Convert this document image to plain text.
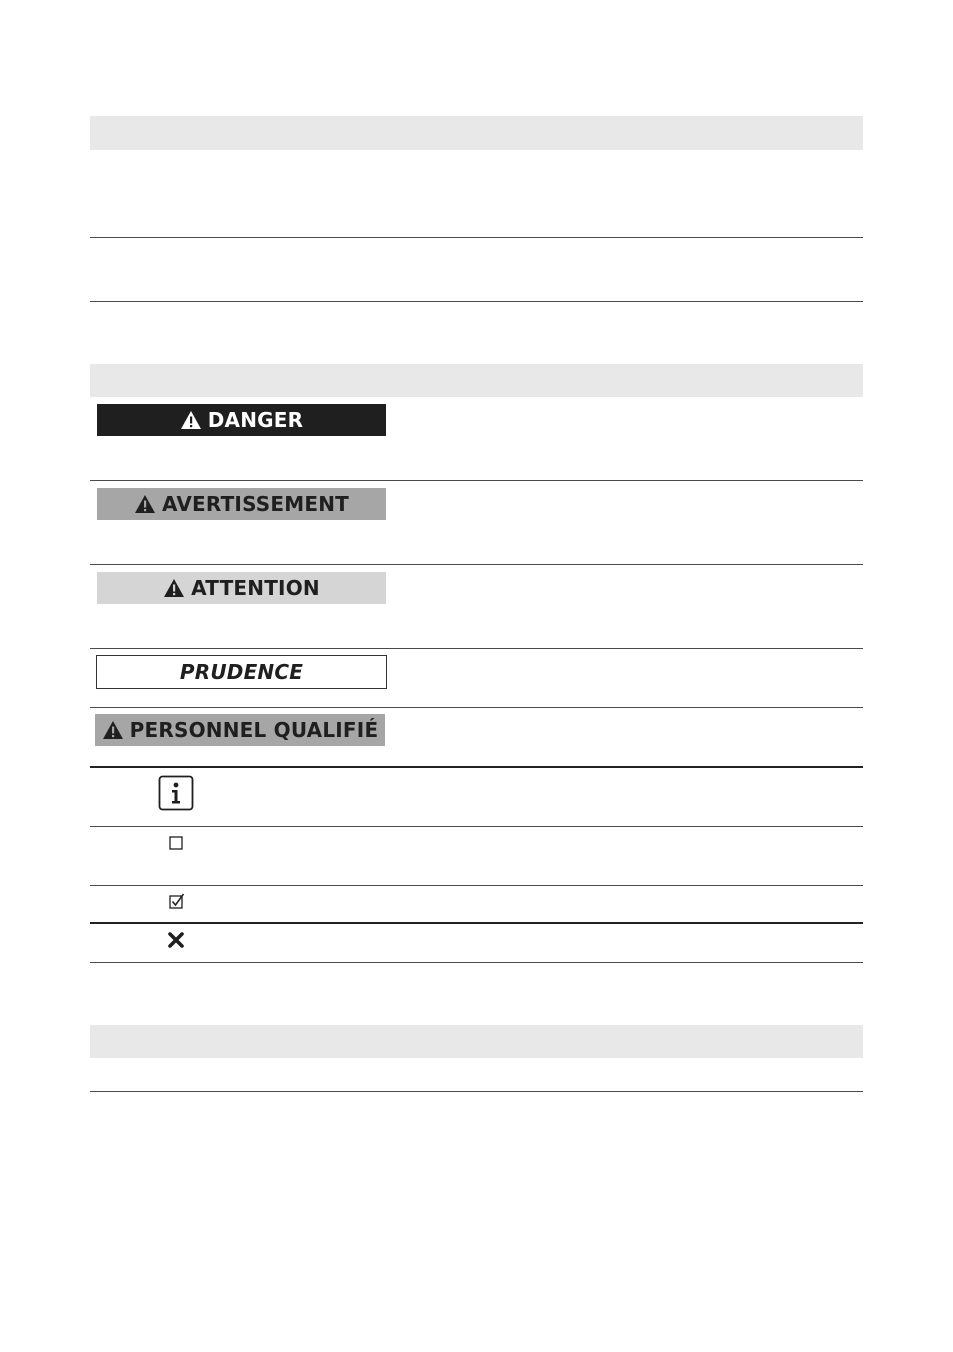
DANGER
AVERTISSEMENT
ATTENTION
PRUDENCE
PERSONNEL QUALIFIÉ
